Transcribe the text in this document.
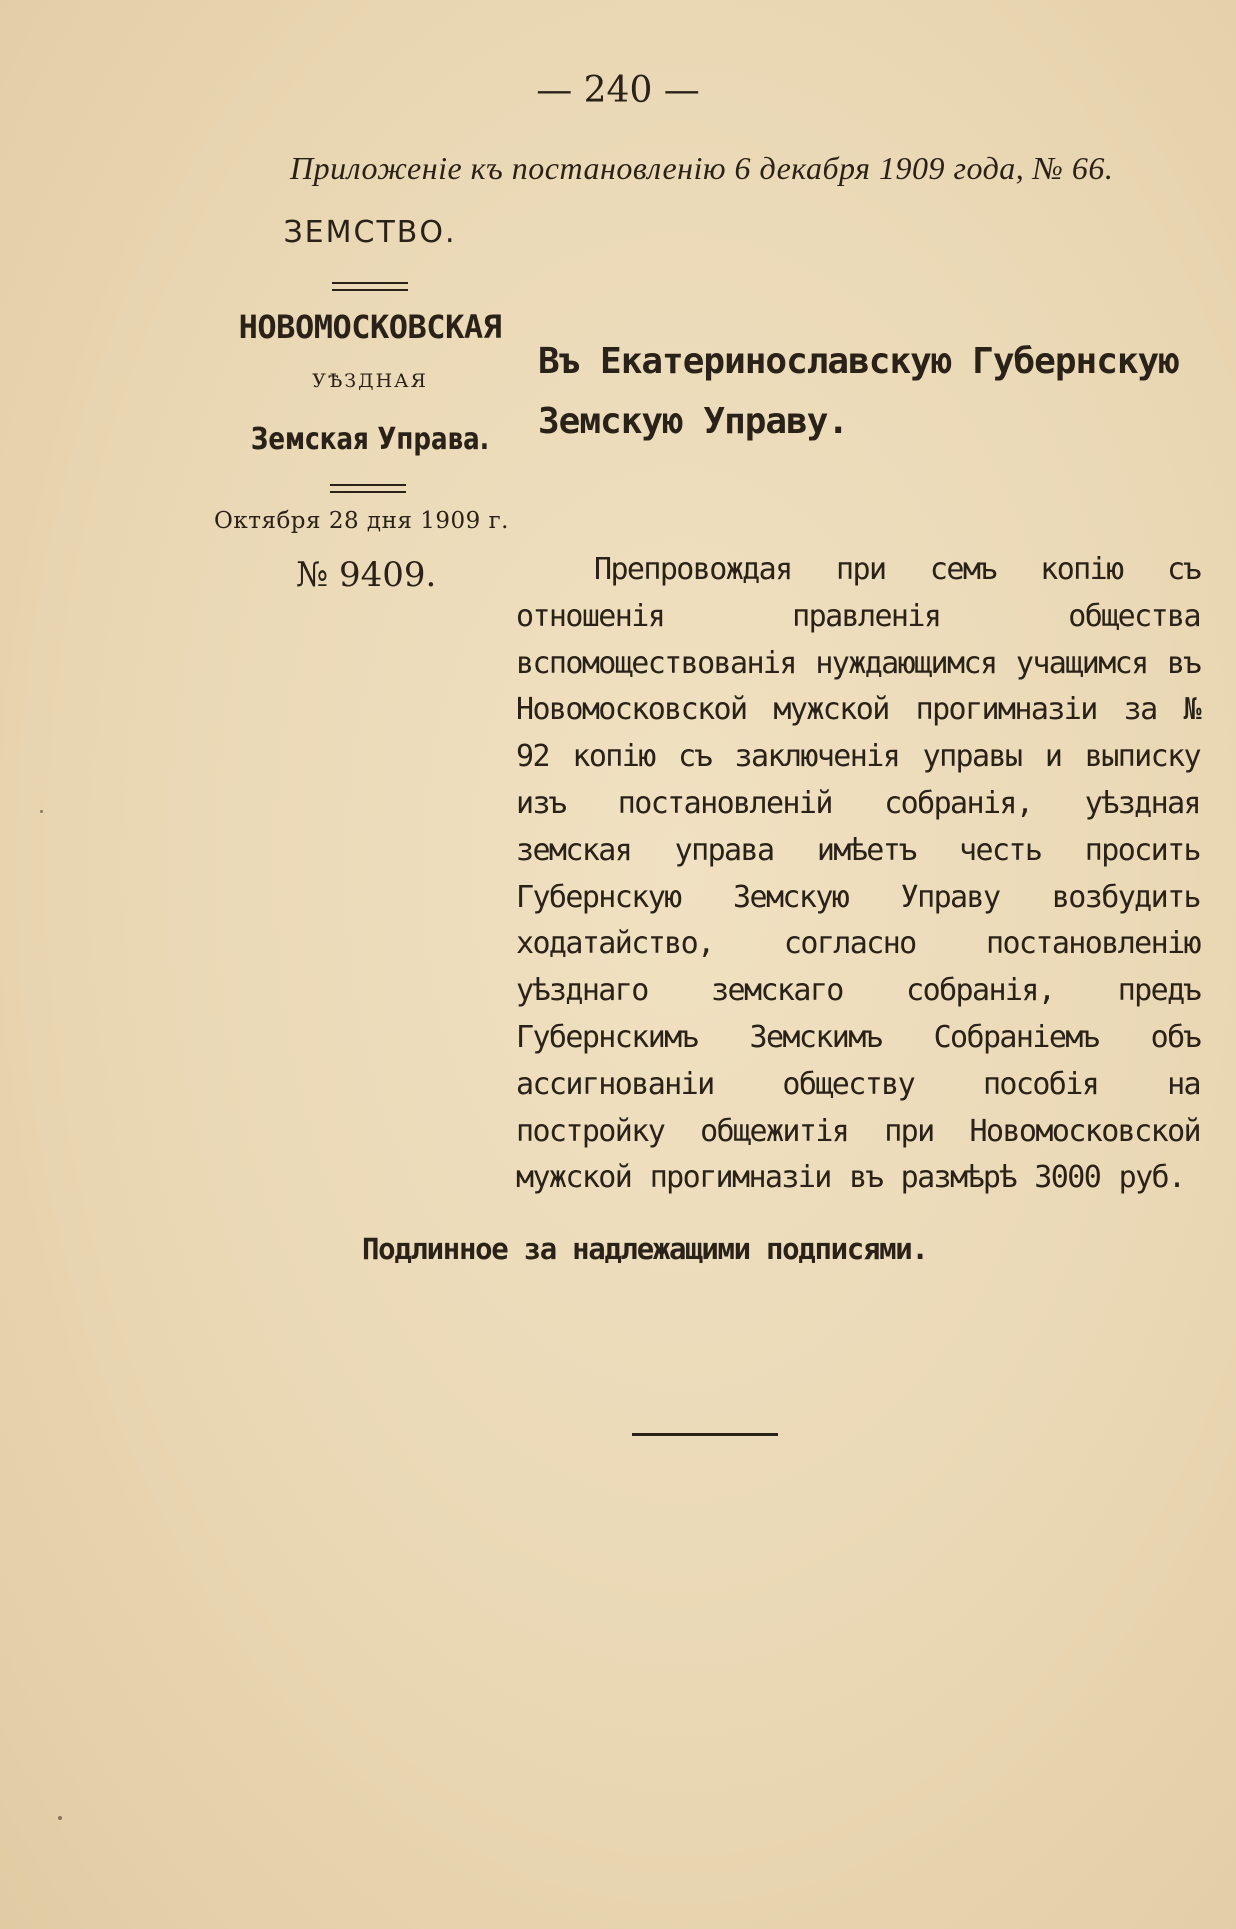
— 240 —
Приложеніе къ постановленію 6 декабря 1909 года, № 66.
ЗЕМСТВО.
НОВОМОСКОВСКАЯ
УѢЗДНАЯ
Земская Управа.
Октября 28 дня 1909 г.
№ 9409.
Въ Екатеринославскую Губернскую
Земскую Управу.
Препровождая при семъ копію съ отношенія правленія общества вспомоществованія нуждающимся учащимся въ Новомосковской мужской прогимназіи за № 92 копію съ заключенія управы и выписку изъ постановленій собранія, уѣздная земская управа имѣетъ честь просить Губернскую Земскую Управу возбудить ходатайство, согласно постановленію уѣзднаго земскаго собранія, предъ Губернскимъ Земскимъ Собраніемъ объ ассигнованіи обществу пособія на постройку общежитія при Новомосковской мужской прогимназіи въ размѣрѣ 3000 руб.
Подлинное за надлежащими подписями.
